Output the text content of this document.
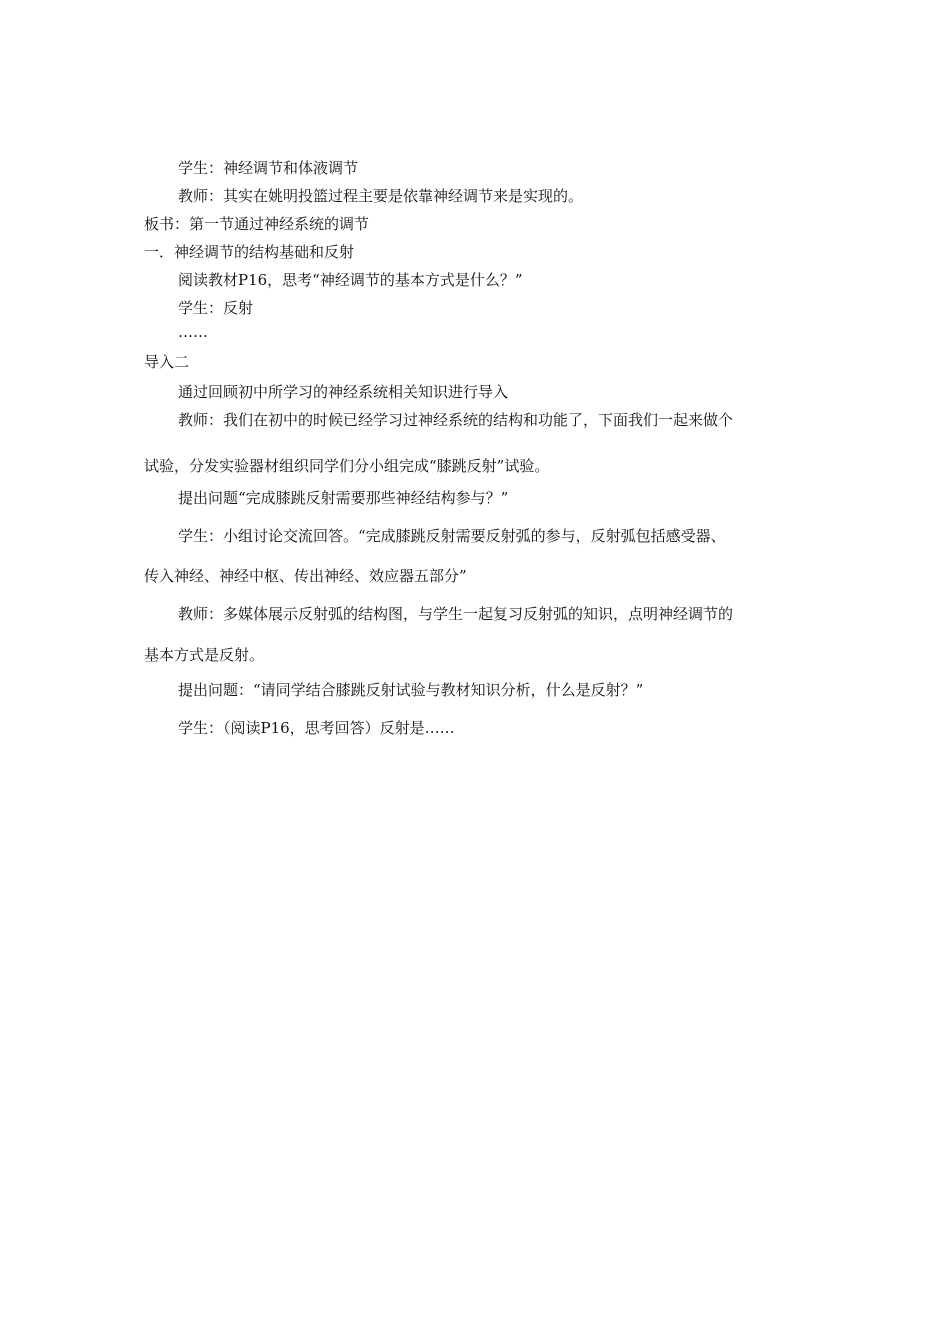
学生：神经调节和体液调节
教师：其实在姚明投篮过程主要是依靠神经调节来是实现的。
板书：第一节通过神经系统的调节
一．神经调节的结构基础和反射
阅读教材P16，思考“神经调节的基本方式是什么？”
学生：反射
……
导入二
通过回顾初中所学习的神经系统相关知识进行导入
教师：我们在初中的时候已经学习过神经系统的结构和功能了，下面我们一起来做个
试验，分发实验器材组织同学们分小组完成“膝跳反射”试验。
提出问题“完成膝跳反射需要那些神经结构参与？”
学生：小组讨论交流回答。“完成膝跳反射需要反射弧的参与，反射弧包括感受器、
传入神经、神经中枢、传出神经、效应器五部分”
教师：多媒体展示反射弧的结构图，与学生一起复习反射弧的知识，点明神经调节的
基本方式是反射。
提出问题：“请同学结合膝跳反射试验与教材知识分析，什么是反射？”
学生：（阅读P16，思考回答）反射是……
